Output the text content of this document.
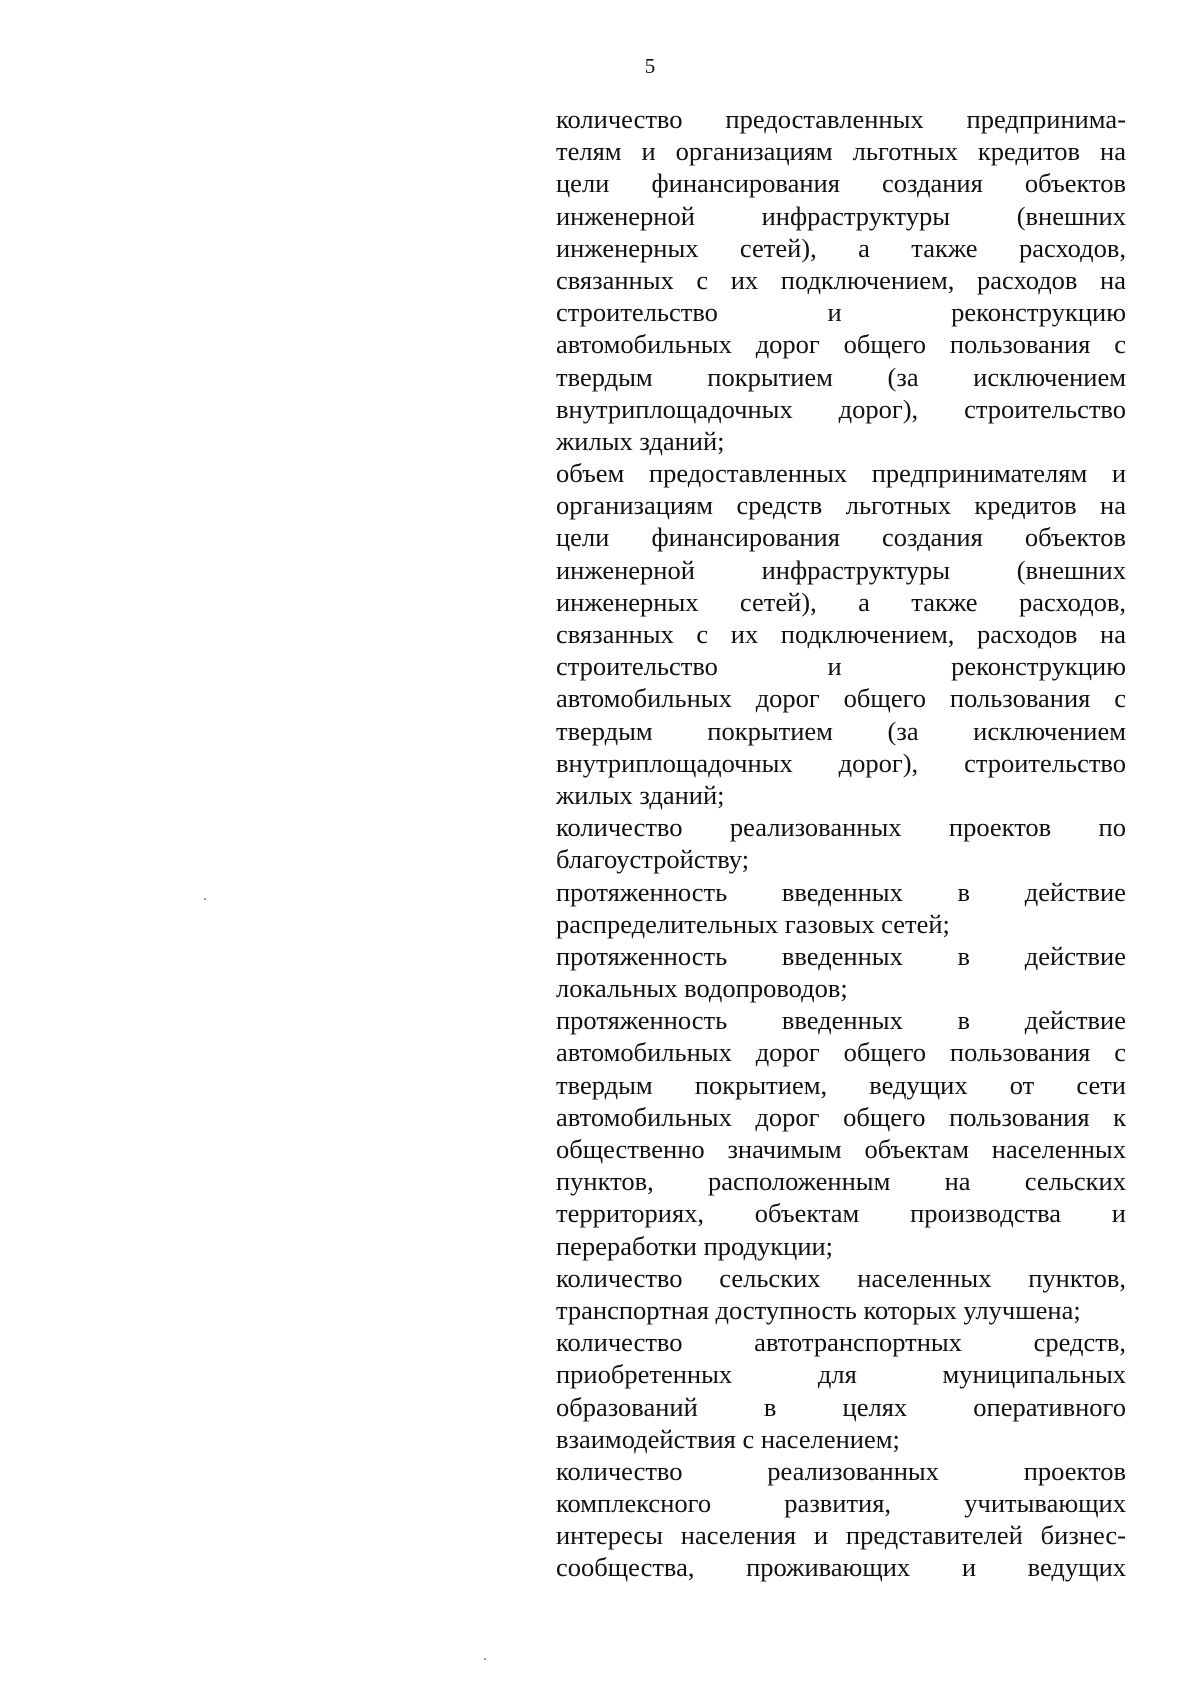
5
количество предоставленных предпринима-
телям и организациям льготных кредитов на
цели финансирования создания объектов
инженерной инфраструктуры (внешних
инженерных сетей), а также расходов,
связанных с их подключением, расходов на
строительство и реконструкцию
автомобильных дорог общего пользования с
твердым покрытием (за исключением
внутриплощадочных дорог), строительство
жилых зданий;
объем предоставленных предпринимателям и
организациям средств льготных кредитов на
цели финансирования создания объектов
инженерной инфраструктуры (внешних
инженерных сетей), а также расходов,
связанных с их подключением, расходов на
строительство и реконструкцию
автомобильных дорог общего пользования с
твердым покрытием (за исключением
внутриплощадочных дорог), строительство
жилых зданий;
количество реализованных проектов по
благоустройству;
протяженность введенных в действие
распределительных газовых сетей;
протяженность введенных в действие
локальных водопроводов;
протяженность введенных в действие
автомобильных дорог общего пользования с
твердым покрытием, ведущих от сети
автомобильных дорог общего пользования к
общественно значимым объектам населенных
пунктов, расположенным на сельских
территориях, объектам производства и
переработки продукции;
количество сельских населенных пунктов,
транспортная доступность которых улучшена;
количество автотранспортных средств,
приобретенных для муниципальных
образований в целях оперативного
взаимодействия с населением;
количество реализованных проектов
комплексного развития, учитывающих
интересы населения и представителей бизнес-
сообщества, проживающих и ведущих
